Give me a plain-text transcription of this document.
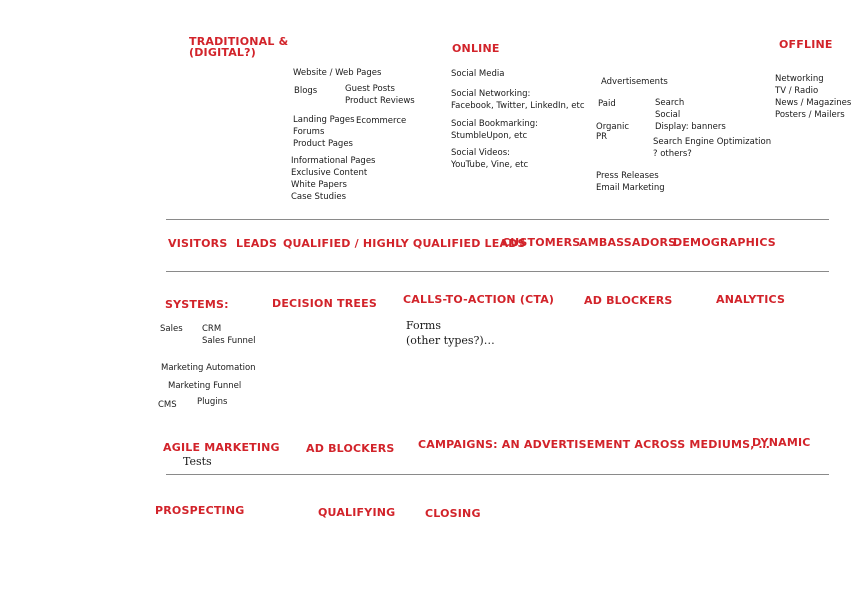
TRADITIONAL &
(DIGITAL?)	ONLINE	OFFLINE
Website / Web Pages
Blogs	Guest Posts
Product Reviews
Landing Pages Ecommerce
Forums
Product Pages
Informational Pages
Exclusive Content
White Papers
Case Studies
Social Media
Social Networking:
Facebook, Twitter, LinkedIn, etc
Social Bookmarking:
StumbleUpon, etc
Social Videos:
YouTube, Vine, etc
Advertisements
Paid	Search
Social
Display: banners
Organic
PR	Search Engine Optimization
? others?
Press Releases
Email Marketing
Networking
TV / Radio
News / Magazines
Posters / Mailers
VISITORS LEADS QUALIFIED / HIGHLY QUALIFIED LEADS
CUSTOMERS
AMBASSADORS
DEMOGRAPHICS
SYSTEMS:	DECISION TREES CALLS-TO-ACTION (CTA)	AD BLOCKERS	ANALYTICS
Sales CRM
Sales Funnel
Marketing Automation
Marketing Funnel
CMS Plugins
Forms
(other types?)…
AGILE MARKETING
Tests
AD BLOCKERS CAMPAIGNS: AN ADVERTISEMENT ACROSS MEDIUMS, …
DYNAMIC
PROSPECTING	QUALIFYING	CLOSING
